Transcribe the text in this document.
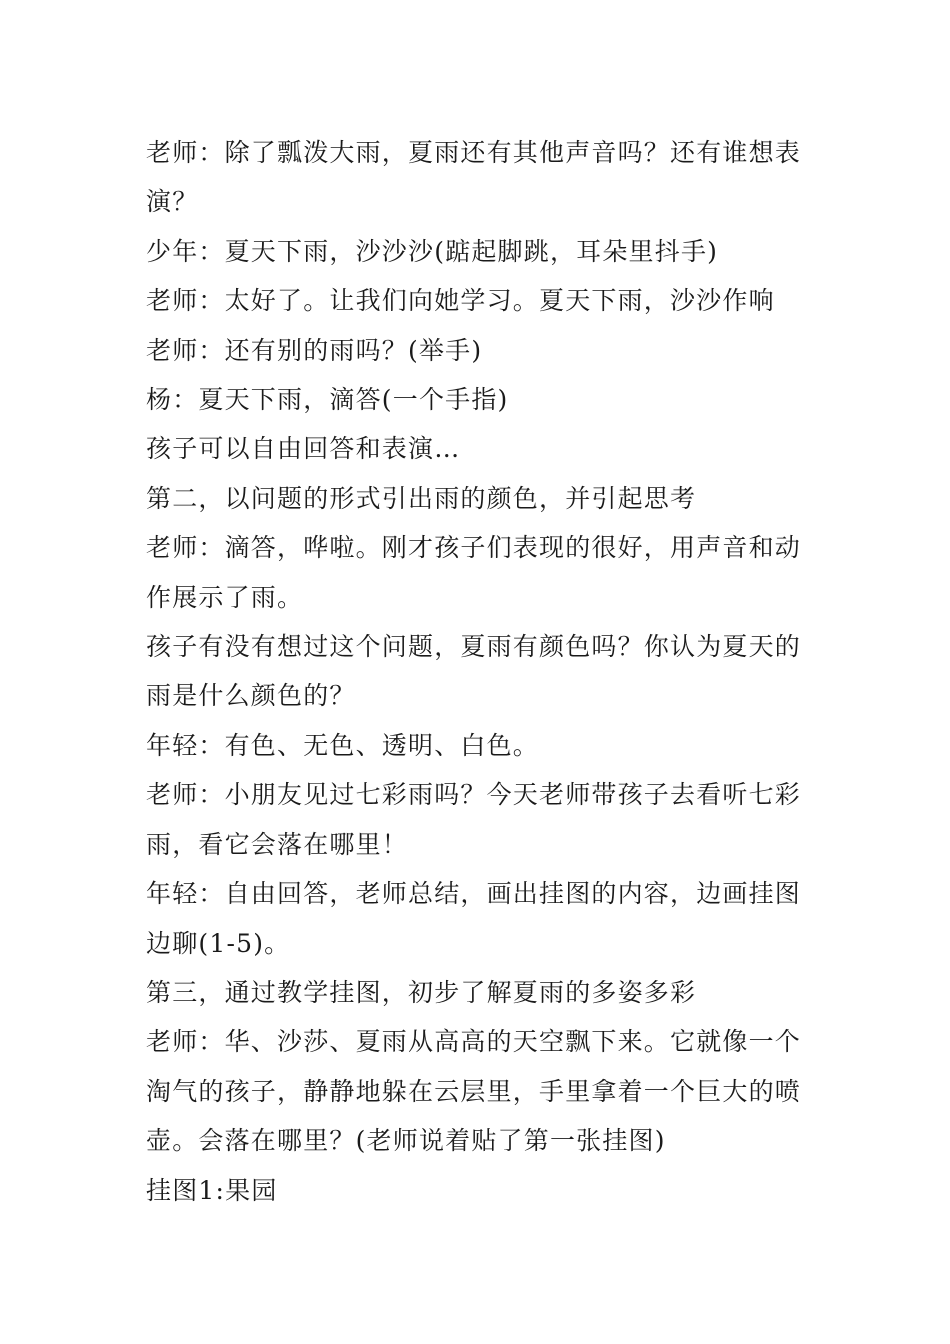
老师：除了瓢泼大雨，夏雨还有其他声音吗？还有谁想表演？

少年：夏天下雨，沙沙沙(踮起脚跳，耳朵里抖手)

老师：太好了。让我们向她学习。夏天下雨，沙沙作响

老师：还有别的雨吗？(举手)

杨：夏天下雨，滴答(一个手指)

孩子可以自由回答和表演…

第二，以问题的形式引出雨的颜色，并引起思考

老师：滴答，哗啦。刚才孩子们表现的很好，用声音和动作展示了雨。

孩子有没有想过这个问题，夏雨有颜色吗？你认为夏天的雨是什么颜色的？

年轻：有色、无色、透明、白色。

老师：小朋友见过七彩雨吗？今天老师带孩子去看听七彩雨，看它会落在哪里！

年轻：自由回答，老师总结，画出挂图的内容，边画挂图边聊(1-5)。

第三，通过教学挂图，初步了解夏雨的多姿多彩

老师：华、沙莎、夏雨从高高的天空飘下来。它就像一个淘气的孩子，静静地躲在云层里，手里拿着一个巨大的喷壶。会落在哪里？(老师说着贴了第一张挂图)

挂图1:果园
